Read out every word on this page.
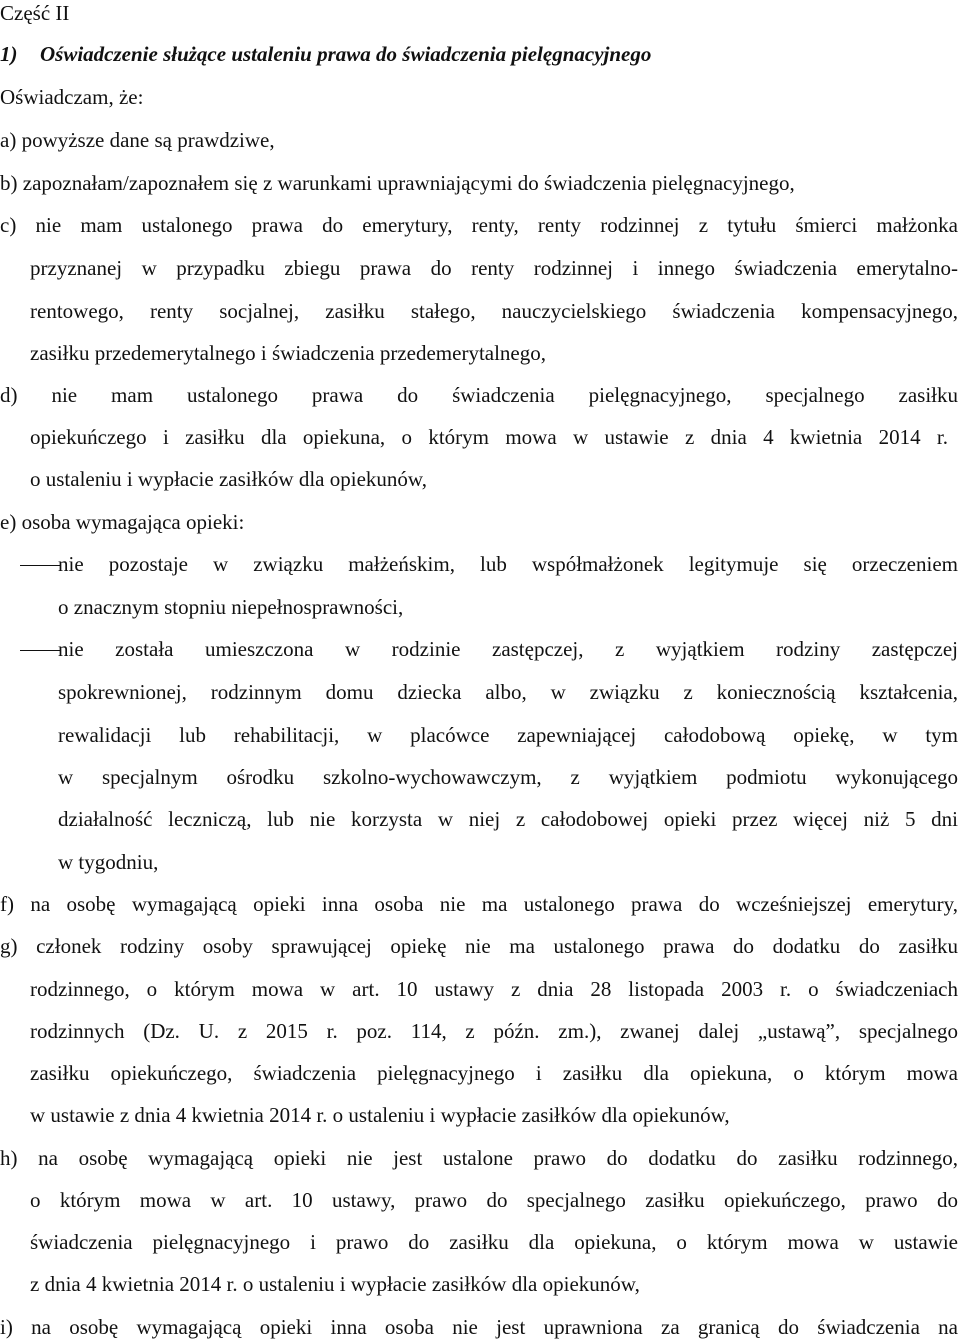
Część II
1) Oświadczenie służące ustaleniu prawa do świadczenia pielęgnacyjnego
Oświadczam, że:
a) powyższe dane są prawdziwe,
b) zapoznałam/zapoznałem się z warunkami uprawniającymi do świadczenia pielęgnacyjnego,
c) nie mam ustalonego prawa do emerytury, renty, renty rodzinnej z tytułu śmierci małżonka
przyznanej w przypadku zbiegu prawa do renty rodzinnej i innego świadczenia emerytalno-
rentowego, renty socjalnej, zasiłku stałego, nauczycielskiego świadczenia kompensacyjnego,
zasiłku przedemerytalnego i świadczenia przedemerytalnego,
d) nie mam ustalonego prawa do świadczenia pielęgnacyjnego, specjalnego zasiłku
opiekuńczego i zasiłku dla opiekuna, o którym mowa w ustawie z dnia 4 kwietnia 2014 r.
o ustaleniu i wypłacie zasiłków dla opiekunów,
e) osoba wymagająca opieki:
nie pozostaje w związku małżeńskim, lub współmałżonek legitymuje się orzeczeniem
o znacznym stopniu niepełnosprawności,
nie została umieszczona w rodzinie zastępczej, z wyjątkiem rodziny zastępczej
spokrewnionej, rodzinnym domu dziecka albo, w związku z koniecznością kształcenia,
rewalidacji lub rehabilitacji, w placówce zapewniającej całodobową opiekę, w tym
w specjalnym ośrodku szkolno-wychowawczym, z wyjątkiem podmiotu wykonującego
działalność leczniczą, lub nie korzysta w niej z całodobowej opieki przez więcej niż 5 dni
w tygodniu,
f) na osobę wymagającą opieki inna osoba nie ma ustalonego prawa do wcześniejszej emerytury,
g) członek rodziny osoby sprawującej opiekę nie ma ustalonego prawa do dodatku do zasiłku
rodzinnego, o którym mowa w art. 10 ustawy z dnia 28 listopada 2003 r. o świadczeniach
rodzinnych (Dz. U. z 2015 r. poz. 114, z późn. zm.), zwanej dalej „ustawą”, specjalnego
zasiłku opiekuńczego, świadczenia pielęgnacyjnego i zasiłku dla opiekuna, o którym mowa
w ustawie z dnia 4 kwietnia 2014 r. o ustaleniu i wypłacie zasiłków dla opiekunów,
h) na osobę wymagającą opieki nie jest ustalone prawo do dodatku do zasiłku rodzinnego,
o którym mowa w art. 10 ustawy, prawo do specjalnego zasiłku opiekuńczego, prawo do
świadczenia pielęgnacyjnego i prawo do zasiłku dla opiekuna, o którym mowa w ustawie
z dnia 4 kwietnia 2014 r. o ustaleniu i wypłacie zasiłków dla opiekunów,
i) na osobę wymagającą opieki inna osoba nie jest uprawniona za granicą do świadczenia na
